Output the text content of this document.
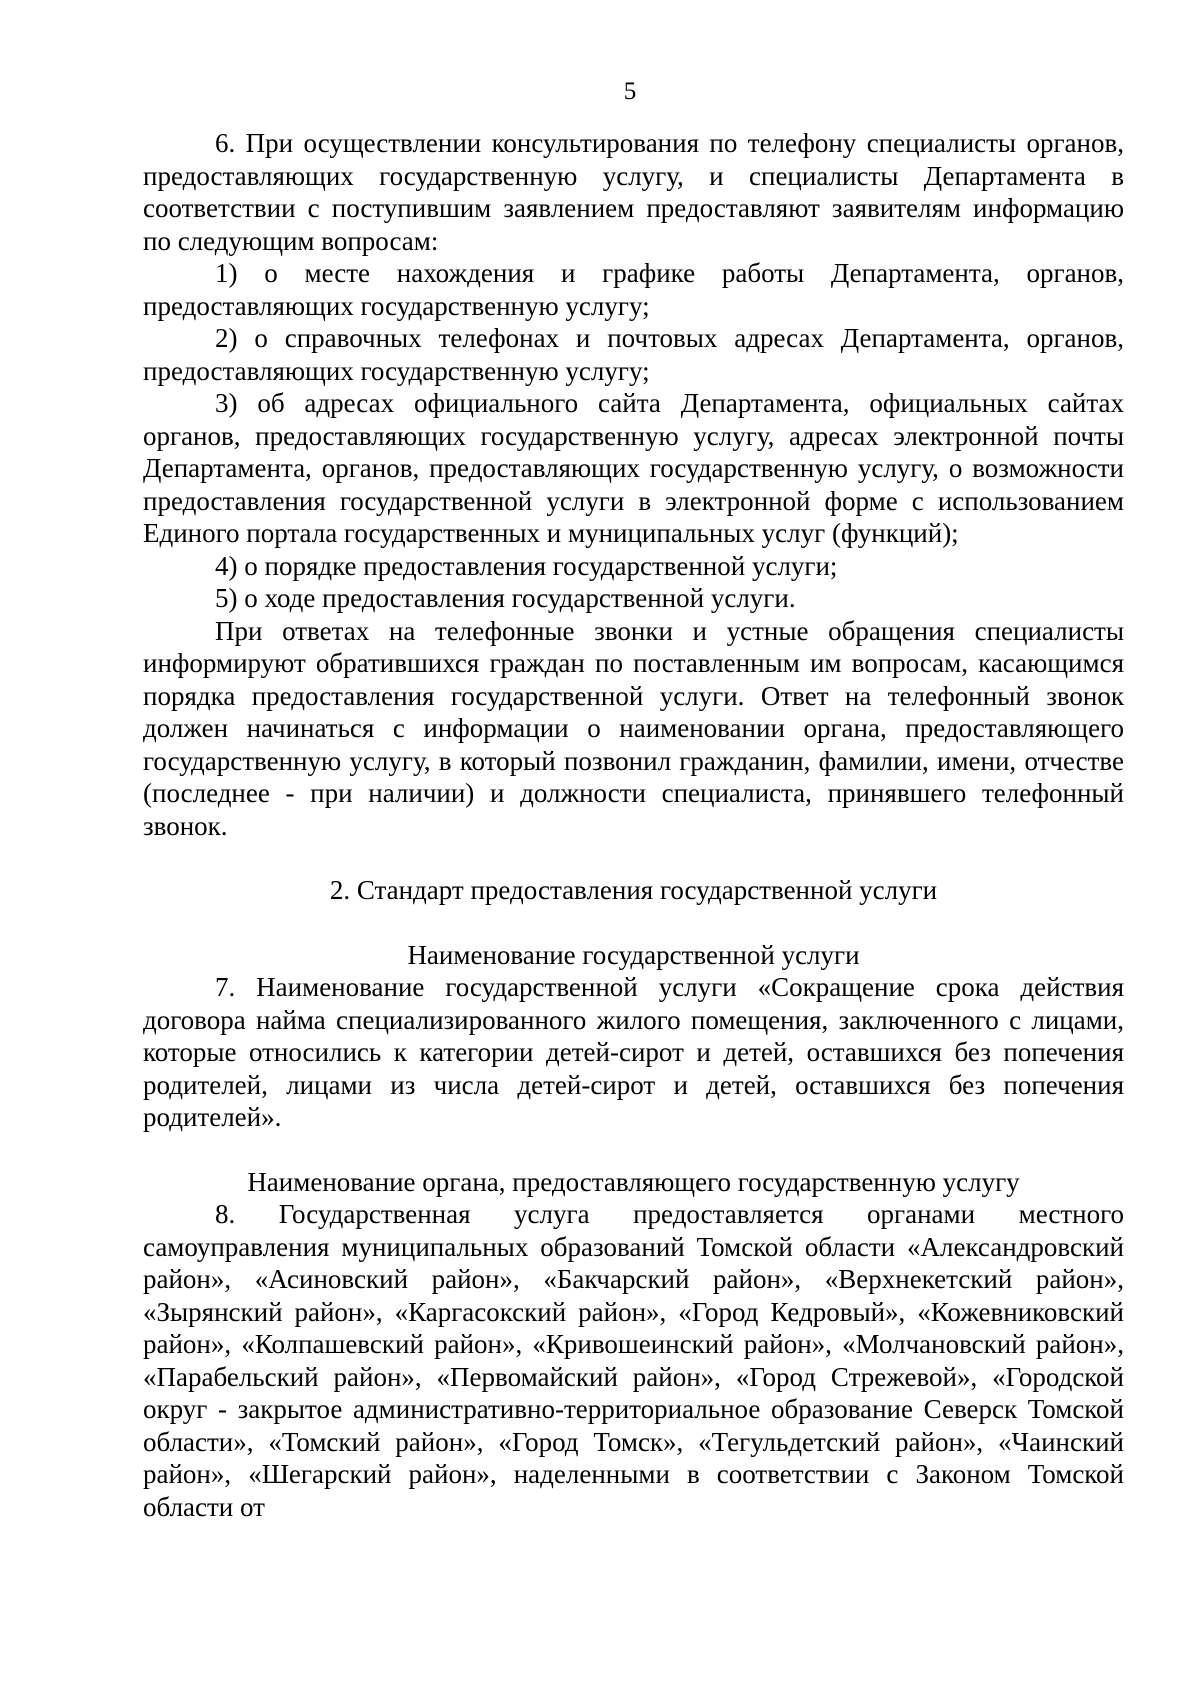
5

6. При осуществлении консультирования по телефону специалисты органов, предоставляющих государственную услугу, и специалисты Департамента в соответствии с поступившим заявлением предоставляют заявителям информацию по следующим вопросам:

1) о месте нахождения и графике работы Департамента, органов, предоставляющих государственную услугу;

2) о справочных телефонах и почтовых адресах Департамента, органов, предоставляющих государственную услугу;

3) об адресах официального сайта Департамента, официальных сайтах органов, предоставляющих государственную услугу, адресах электронной почты Департамента, органов, предоставляющих государственную услугу, о возможности предоставления государственной услуги в электронной форме с использованием Единого портала государственных и муниципальных услуг (функций);

4) о порядке предоставления государственной услуги;

5) о ходе предоставления государственной услуги.

При ответах на телефонные звонки и устные обращения специалисты информируют обратившихся граждан по поставленным им вопросам, касающимся порядка предоставления государственной услуги. Ответ на телефонный звонок должен начинаться с информации о наименовании органа, предоставляющего государственную услугу, в который позвонил гражданин, фамилии, имени, отчестве (последнее - при наличии) и должности специалиста, принявшего телефонный звонок.

2. Стандарт предоставления государственной услуги
Наименование государственной услуги

7. Наименование государственной услуги «Сокращение срока действия договора найма специализированного жилого помещения, заключенного с лицами, которые относились к категории детей-сирот и детей, оставшихся без попечения родителей, лицами из числа детей-сирот и детей, оставшихся без попечения родителей».

Наименование органа, предоставляющего государственную услугу

8. Государственная услуга предоставляется органами местного самоуправления муниципальных образований Томской области «Александровский район», «Асиновский район», «Бакчарский район», «Верхнекетский район», «Зырянский район», «Каргасокский район», «Город Кедровый», «Кожевниковский район», «Колпашевский район», «Кривошеинский район», «Молчановский район», «Парабельский район», «Первомайский район», «Город Стрежевой», «Городской округ - закрытое административно-территориальное образование Северск Томской области», «Томский район», «Город Томск», «Тегульдетский район», «Чаинский район», «Шегарский район», наделенными в соответствии с Законом Томской области от
